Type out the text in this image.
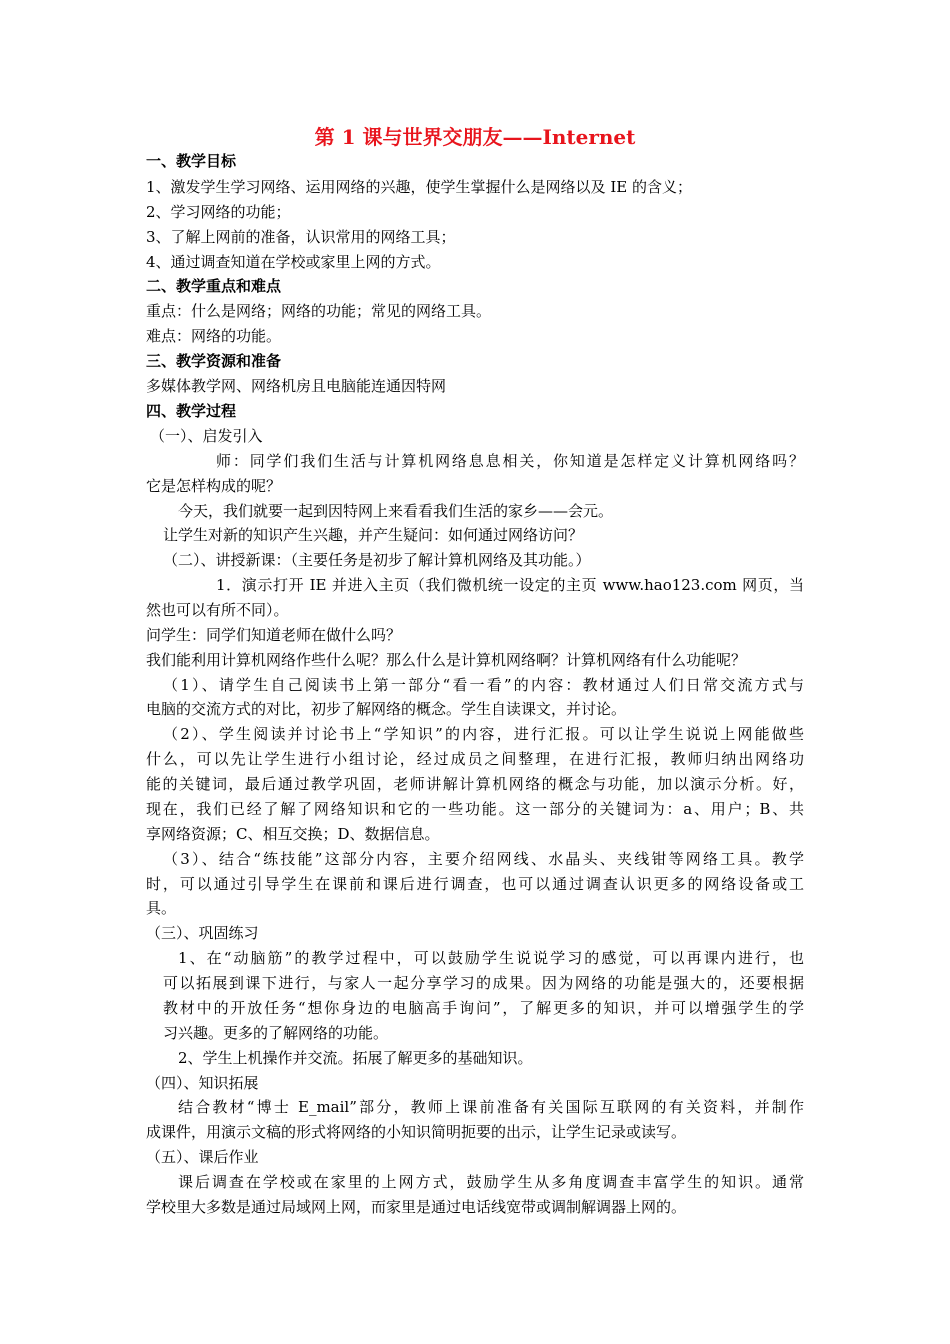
第 1 课与世界交朋友——Internet
一、教学目标
1、激发学生学习网络、运用网络的兴趣，使学生掌握什么是网络以及 IE 的含义；
2、学习网络的功能；
3、了解上网前的准备，认识常用的网络工具；
4、通过调查知道在学校或家里上网的方式。
二、教学重点和难点
重点：什么是网络；网络的功能；常见的网络工具。
难点：网络的功能。
三、教学资源和准备
多媒体教学网、网络机房且电脑能连通因特网
四、教学过程
（一）、启发引入
师：同学们我们生活与计算机网络息息相关，你知道是怎样定义计算机网络吗？
它是怎样构成的呢？
今天，我们就要一起到因特网上来看看我们生活的家乡——会元。
让学生对新的知识产生兴趣，并产生疑问：如何通过网络访问？
（二）、讲授新课：（主要任务是初步了解计算机网络及其功能。）
1．演示打开 IE 并进入主页（我们微机统一设定的主页 www.hao123.com 网页，当
然也可以有所不同）。
问学生：同学们知道老师在做什么吗？
我们能利用计算机网络作些什么呢？那么什么是计算机网络啊？计算机网络有什么功能呢？
（1）、请学生自己阅读书上第一部分“看一看”的内容：教材通过人们日常交流方式与
电脑的交流方式的对比，初步了解网络的概念。学生自读课文，并讨论。
（2）、学生阅读并讨论书上“学知识”的内容，进行汇报。可以让学生说说上网能做些
什么，可以先让学生进行小组讨论，经过成员之间整理，在进行汇报，教师归纳出网络功
能的关键词，最后通过教学巩固，老师讲解计算机网络的概念与功能，加以演示分析。好，
现在，我们已经了解了网络知识和它的一些功能。这一部分的关键词为：a、用户；B、共
享网络资源；C、相互交换；D、数据信息。
（3）、结合“练技能”这部分内容，主要介绍网线、水晶头、夹线钳等网络工具。教学
时，可以通过引导学生在课前和课后进行调查，也可以通过调查认识更多的网络设备或工
具。
（三）、巩固练习
1、在“动脑筋”的教学过程中，可以鼓励学生说说学习的感觉，可以再课内进行，也
可以拓展到课下进行，与家人一起分享学习的成果。因为网络的功能是强大的，还要根据
教材中的开放任务“想你身边的电脑高手询问”，了解更多的知识，并可以增强学生的学
习兴趣。更多的了解网络的功能。
2、学生上机操作并交流。拓展了解更多的基础知识。
（四）、知识拓展
结合教材“博士 E_mail”部分，教师上课前准备有关国际互联网的有关资料，并制作
成课件，用演示文稿的形式将网络的小知识简明扼要的出示，让学生记录或读写。
（五）、课后作业
课后调查在学校或在家里的上网方式，鼓励学生从多角度调查丰富学生的知识。通常
学校里大多数是通过局域网上网，而家里是通过电话线宽带或调制解调器上网的。
